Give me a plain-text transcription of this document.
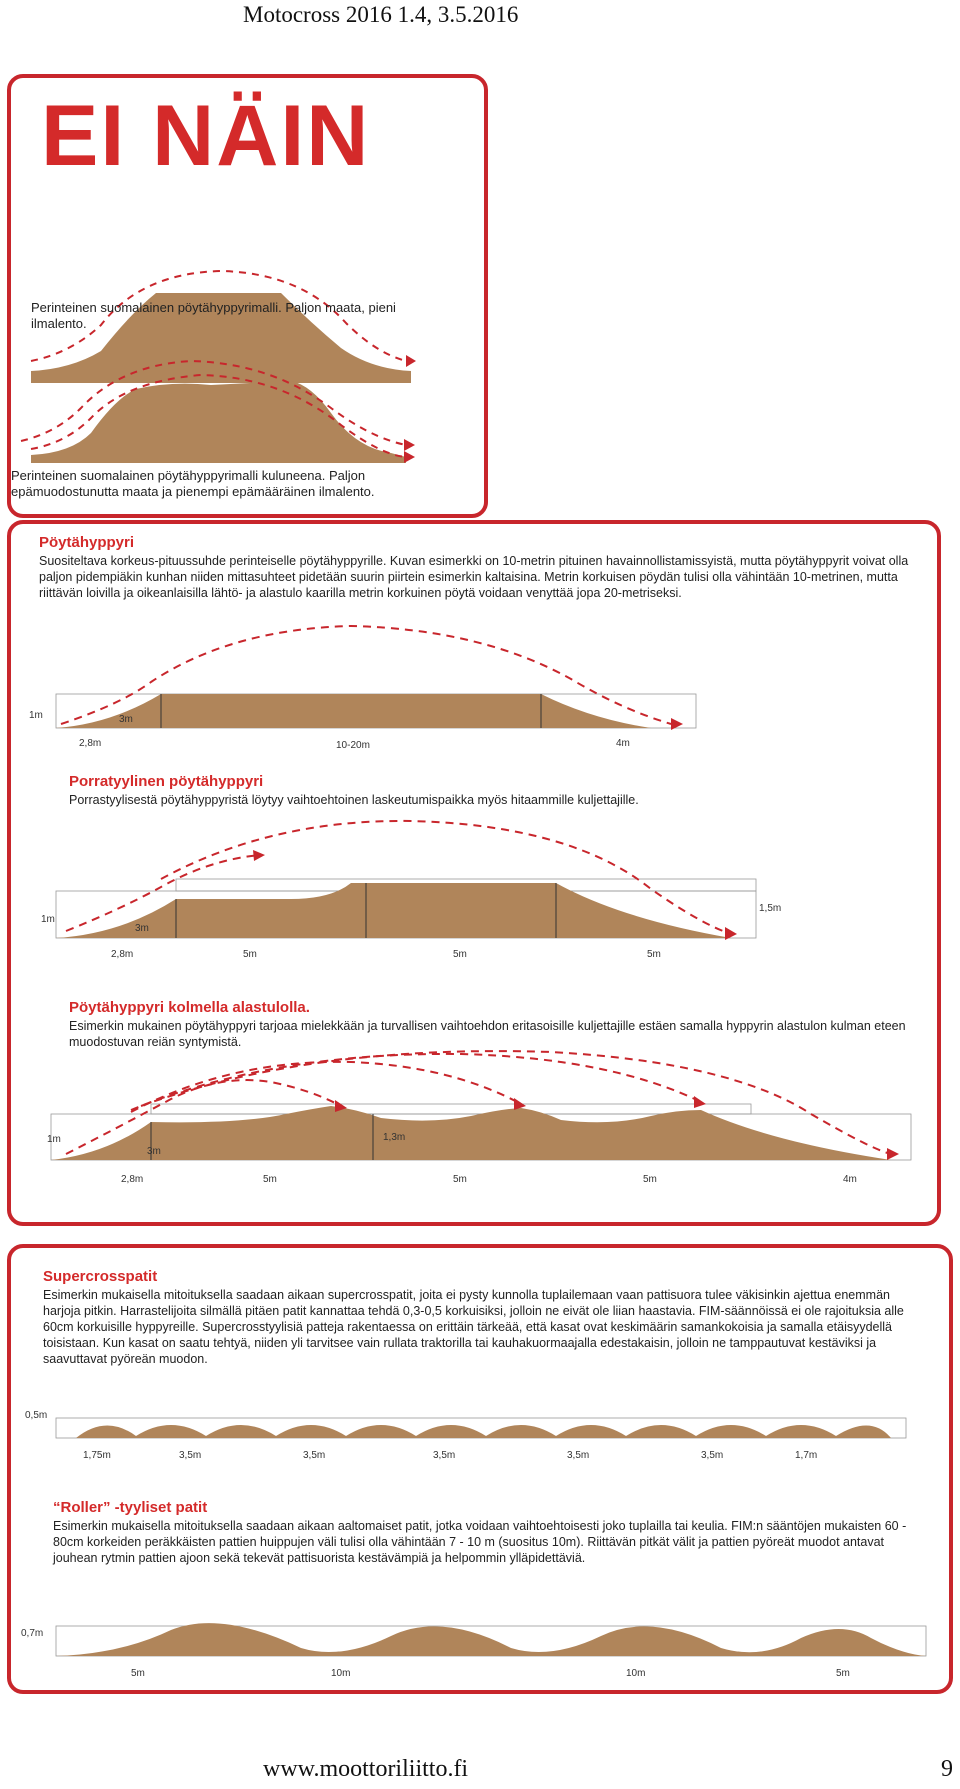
Motocross 2016 1.4, 3.5.2016
EI NÄIN
Perinteinen suomalainen pöytähyppyrimalli. Paljon maata, pieni ilmalento.
Perinteinen suomalainen pöytähyppyrimalli kuluneena. Paljon epämuodostunutta maata ja pienempi epämääräinen ilmalento.
Pöytähyppyri
Suositeltava korkeus-pituussuhde perinteiselle pöytähyppyrille. Kuvan esimerkki on 10-metrin pituinen havainnollistamissyistä, mutta pöytähyppyrit voivat olla paljon pidempiäkin kunhan niiden mittasuhteet pidetään suurin piirtein esimerkin kaltaisina. Metrin korkuisen pöydän tulisi olla vähintään 10-metrinen, mutta riittävän loivilla ja oikeanlaisilla lähtö- ja alastulo kaarilla metrin korkuinen pöytä voidaan venyttää jopa 20-metriseksi.
1m	3m
2,8m	10-20m	4m
Porratyylinen pöytähyppyri
Porrastyylisestä pöytähyppyristä löytyy vaihtoehtoinen laskeutumispaikka myös hitaammille kuljettajille.
1m
3m
1,5m
2,8m	5m	5m	5m
Pöytähyppyri kolmella alastulolla.
Esimerkin mukainen pöytähyppyri tarjoaa mielekkään ja turvallisen vaihtoehdon eritasoisille kuljettajille estäen samalla hyppyrin alastulon kulman eteen muodostuvan reiän syntymistä.
1m
3m
1,3m
2,8m	5m	5m	5m	4m
Supercrosspatit
Esimerkin mukaisella mitoituksella saadaan aikaan supercrosspatit, joita ei pysty kunnolla tuplailemaan vaan pattisuora tulee väkisinkin ajettua enemmän harjoja pitkin. Harrastelijoita silmällä pitäen patit kannattaa tehdä 0,3-0,5 korkuisiksi, jolloin ne eivät ole liian haastavia. FIM-säännöissä ei ole rajoituksia alle 60cm korkuisille hyppyreille. Supercrosstyylisiä patteja rakentaessa on erittäin tärkeää, että kasat ovat keskimäärin samankokoisia ja samalla etäisyydellä toisistaan. Kun kasat on saatu tehtyä, niiden yli tarvitsee vain rullata traktorilla tai kauhakuormaajalla edestakaisin, jolloin ne tamppautuvat kestäviksi ja saavuttavat pyöreän muodon.
0,5m
1,75m	3,5m	3,5m	3,5m	3,5m	3,5m	1,7m
“Roller” -tyyliset patit
Esimerkin mukaisella mitoituksella saadaan aikaan aaltomaiset patit, jotka voidaan vaihtoehtoisesti joko tuplailla tai keulia. FIM:n sääntöjen mukaisten 60 - 80cm korkeiden peräkkäisten pattien huippujen väli tulisi olla vähintään 7 - 10 m (suositus 10m). Riittävän pitkät välit ja pattien pyöreät muodot antavat jouhean rytmin pattien ajoon sekä tekevät pattisuorista kestävämpiä ja helpommin ylläpidettäviä.
0,7m
5m	10m	10m	5m
www.moottoriliitto.fi	9
